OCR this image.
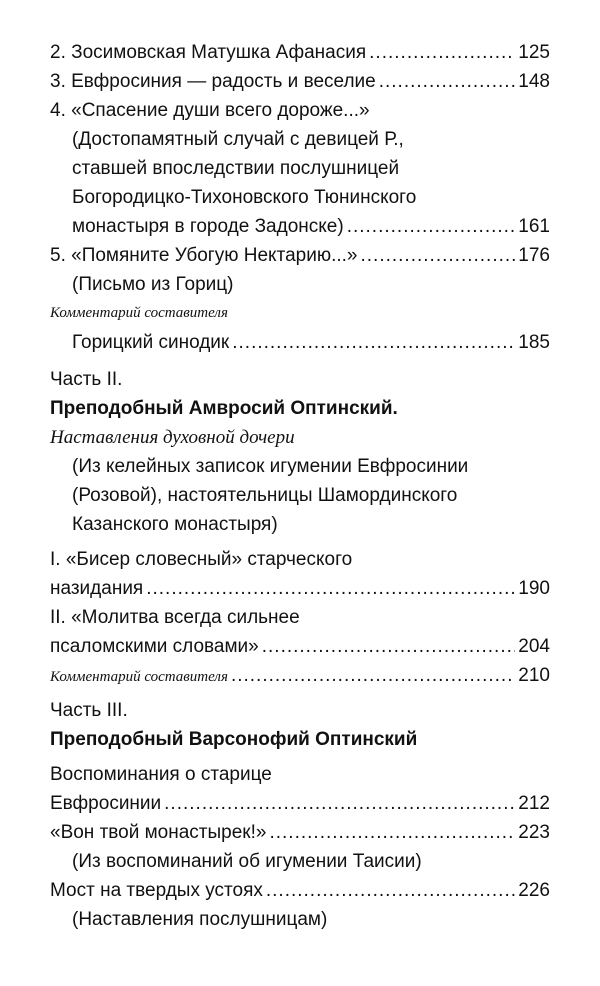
2. Зосимовская Матушка Афанасия .....	125
3. Евфросиния — радость и веселие .....	148
4. «Спасение души всего дороже...»
(Достопамятный случай с девицей Р.,
ставшей впоследствии послушницей
Богородицко-Тихоновского Тюнинского
монастыря в городе Задонске) .....	161
5. «Помяните Убогую Нектарию...» .....	176
(Письмо из Гориц)
Комментарий составителя
Горицкий синодик .....	185
Часть II.
Преподобный Амвросий Оптинский.
Наставления духовной дочери
(Из келейных записок игумении Евфросинии
(Розовой), настоятельницы Шамординского
Казанского монастыря)
I. «Бисер словесный» старческого
назидания .....	190
II. «Молитва всегда сильнее
псаломскими словами» .....	204
Комментарий составителя .....	210
Часть III.
Преподобный Варсонофий Оптинский
Воспоминания о старице
Евфросинии .....	212
«Вон твой монастырек!» .....	223
(Из воспоминаний об игумении Таисии)
Мост на твердых устоях .....	226
(Наставления послушницам)
